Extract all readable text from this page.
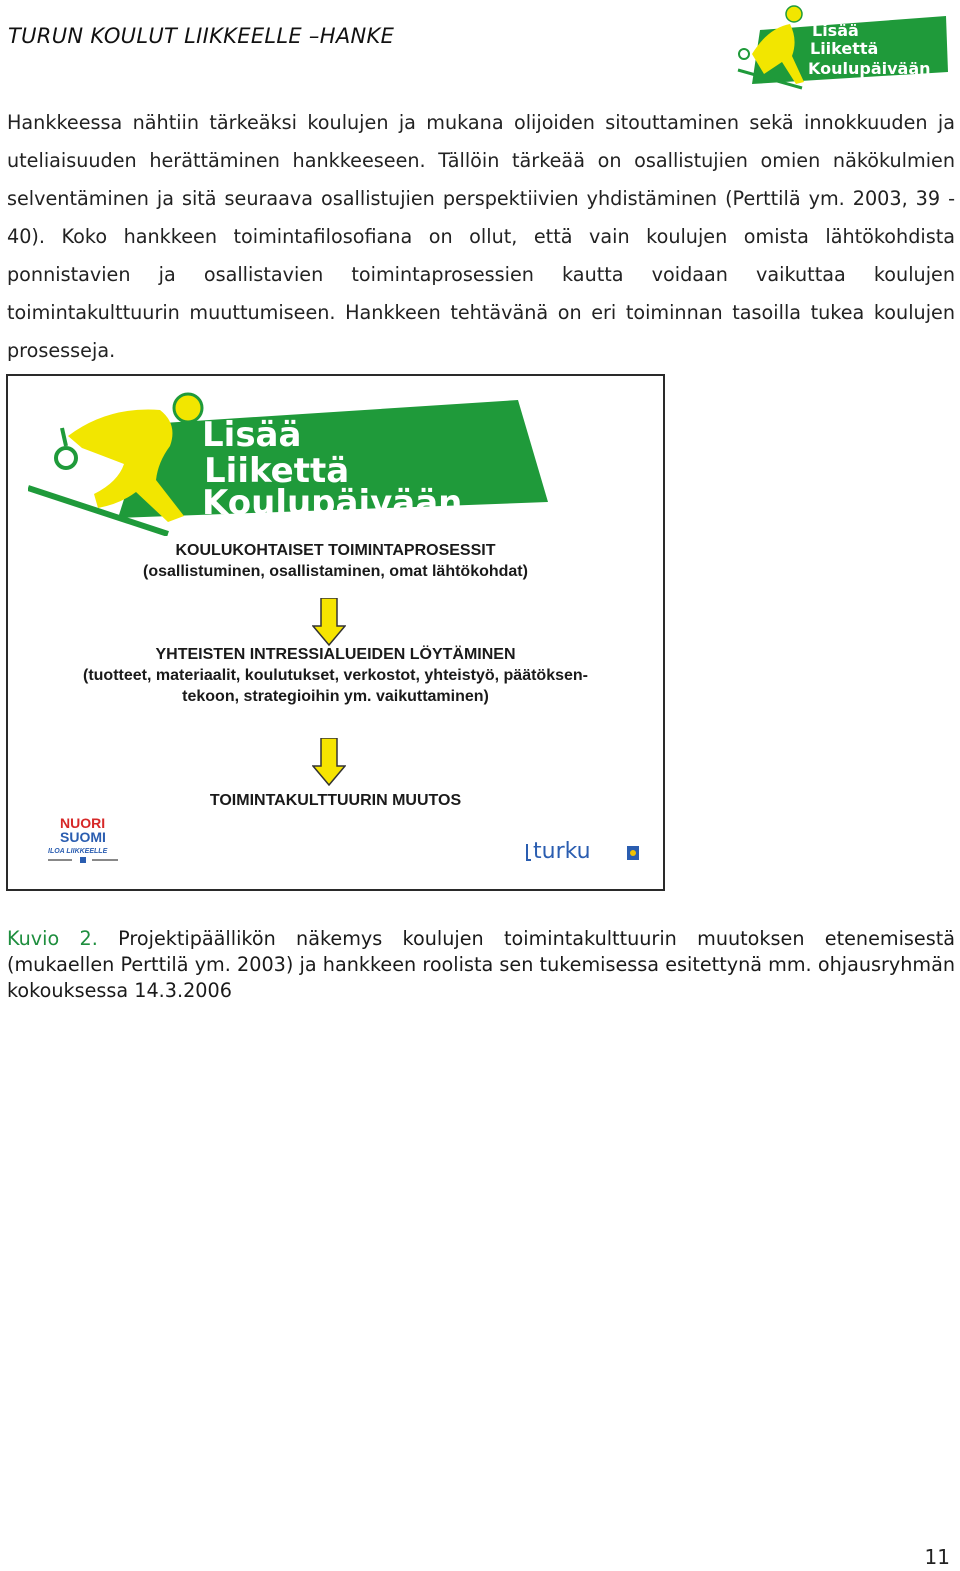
TURUN KOULUT LIIKKEELLE –HANKE	Lisää
Liikettä
Koulupäivään

Hankkeessa nähtiin tärkeäksi koulujen ja mukana olijoiden sitouttaminen sekä innokkuuden ja uteliaisuuden herättäminen hankkeeseen. Tällöin tärkeää on osallistujien omien näkökulmien selventäminen ja sitä seuraava osallistujien perspektiivien yhdistäminen (Perttilä ym. 2003, 39 - 40). Koko hankkeen toimintafilosofiana on ollut, että vain koulujen omista lähtökohdista ponnistavien ja osallistavien toimintaprosessien kautta voidaan vaikuttaa koulujen toimintakulttuurin muuttumiseen. Hankkeen tehtävänä on eri toiminnan tasoilla tukea koulujen prosesseja.

Lisää
Liikettä
Koulupäivään
KOULUKOHTAISET TOIMINTAPROSESSIT
(osallistuminen, osallistaminen, omat lähtökohdat)
YHTEISTEN INTRESSIALUEIDEN LÖYTÄMINEN
(tuotteet, materiaalit, koulutukset, verkostot, yhteistyö, päätöksen-
tekoon, strategioihin ym. vaikuttaminen)
TOIMINTAKULTTUURIN MUUTOS
NUORI
SUOMI
ILOA LIIKKEELLE	turku

Kuvio 2. Projektipäällikön näkemys koulujen toimintakulttuurin muutoksen etenemisestä (mukaellen Perttilä ym. 2003) ja hankkeen roolista sen tukemisessa esitettynä mm. ohjausryhmän kokouksessa 14.3.2006

11
